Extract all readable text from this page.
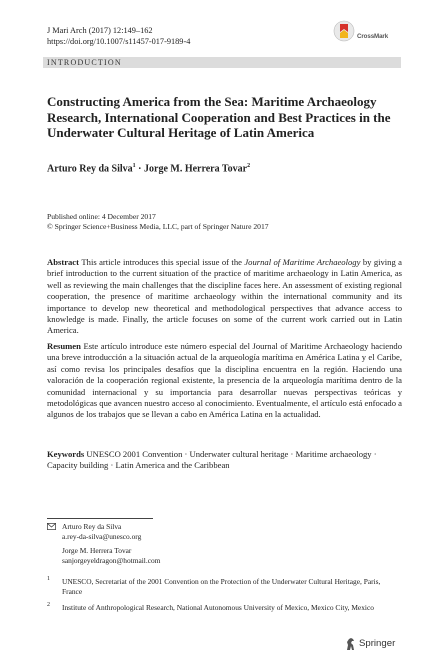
J Mari Arch (2017) 12:149–162
https://doi.org/10.1007/s11457-017-9189-4
CrossMark
INTRODUCTION
Constructing America from the Sea: Maritime Archaeology Research, International Cooperation and Best Practices in the Underwater Cultural Heritage of Latin America
Arturo Rey da Silva$^1$ · Jorge M. Herrera Tovar$^2$
Published online: 4 December 2017
© Springer Science+Business Media, LLC, part of Springer Nature 2017
Abstract This article introduces this special issue of the Journal of Maritime Archaeology by giving a brief introduction to the current situation of the practice of maritime archaeology in Latin America, as well as reviewing the main challenges that the discipline faces here. An assessment of existing regional cooperation, the presence of maritime archaeology within the international community and its importance to develop new theoretical and methodological perspectives that advance access to knowledge is made. Finally, the article focuses on some of the current work carried out in Latin America.
Resumen Este artículo introduce este número especial del Journal of Maritime Archaeology haciendo una breve introducción a la situación actual de la arqueología marítima en América Latina y el Caribe, así como revisa los principales desafíos que la disciplina encuentra en la región. Haciendo una valoración de la cooperación regional existente, la presencia de la arqueología marítima dentro de la comunidad internacional y su importancia para desarrollar nuevas perspectivas teóricas y metodológicas que avancen nuestro acceso al conocimiento. Eventualmente, el artículo está enfocado a algunos de los trabajos que se llevan a cabo en América Latina en la actualidad.
Keywords UNESCO 2001 Convention · Underwater cultural heritage · Maritime archaeology · Capacity building · Latin America and the Caribbean
Arturo Rey da Silva
a.rey-da-silva@unesco.org
Jorge M. Herrera Tovar
sanjorgeyeldragon@hotmail.com
1 UNESCO, Secretariat of the 2001 Convention on the Protection of the Underwater Cultural Heritage, Paris, France
2 Institute of Anthropological Research, National Autonomous University of Mexico, Mexico City, Mexico
Springer
